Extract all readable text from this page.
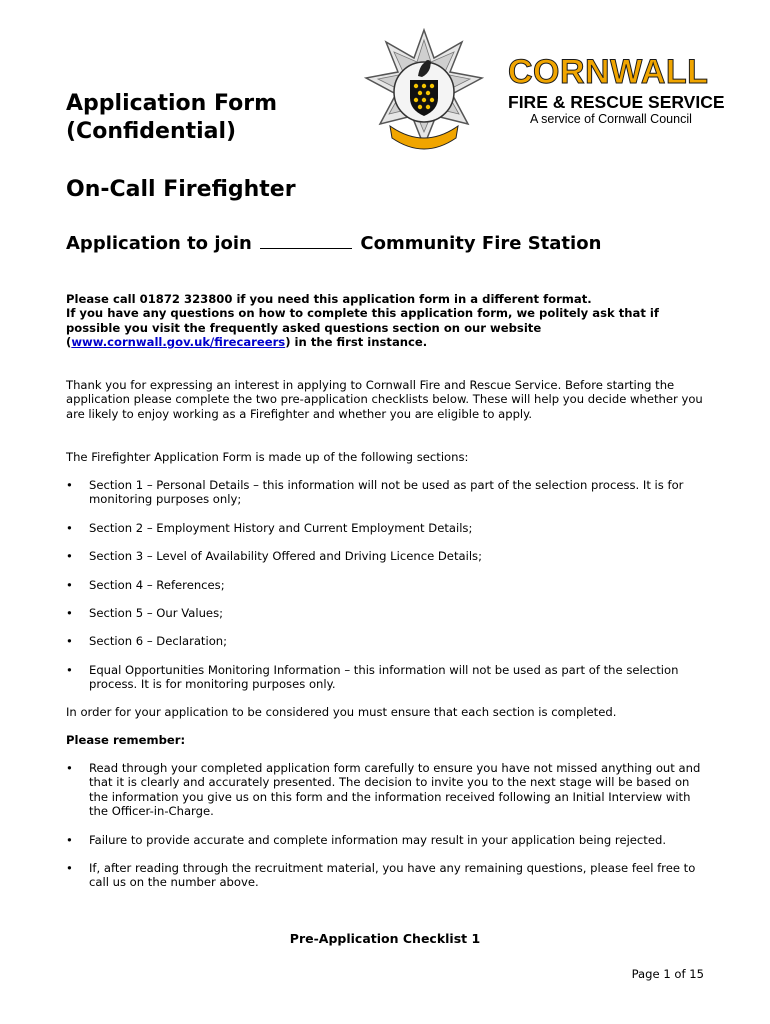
Application Form
(Confidential)
CORNWALL
FIRE & RESCUE SERVICE
A service of Cornwall Council
On-Call Firefighter
Application to join	Community Fire Station
Please call 01872 323800 if you need this application form in a different format.
If you have any questions on how to complete this application form, we politely ask that if possible you visit the frequently asked questions section on our website (www.cornwall.gov.uk/firecareers) in the first instance.
Thank you for expressing an interest in applying to Cornwall Fire and Rescue Service. Before starting the application please complete the two pre-application checklists below. These will help you decide whether you are likely to enjoy working as a Firefighter and whether you are eligible to apply.
The Firefighter Application Form is made up of the following sections:
• Section 1 – Personal Details – this information will not be used as part of the selection process. It is for monitoring purposes only;
• Section 2 – Employment History and Current Employment Details;
• Section 3 – Level of Availability Offered and Driving Licence Details;
• Section 4 – References;
• Section 5 – Our Values;
• Section 6 – Declaration;
• Equal Opportunities Monitoring Information – this information will not be used as part of the selection process. It is for monitoring purposes only.
In order for your application to be considered you must ensure that each section is completed.
Please remember:
• Read through your completed application form carefully to ensure you have not missed anything out and that it is clearly and accurately presented. The decision to invite you to the next stage will be based on the information you give us on this form and the information received following an Initial Interview with the Officer-in-Charge.
• Failure to provide accurate and complete information may result in your application being rejected.
• If, after reading through the recruitment material, you have any remaining questions, please feel free to call us on the number above.
Pre-Application Checklist 1
Page 1 of 15
